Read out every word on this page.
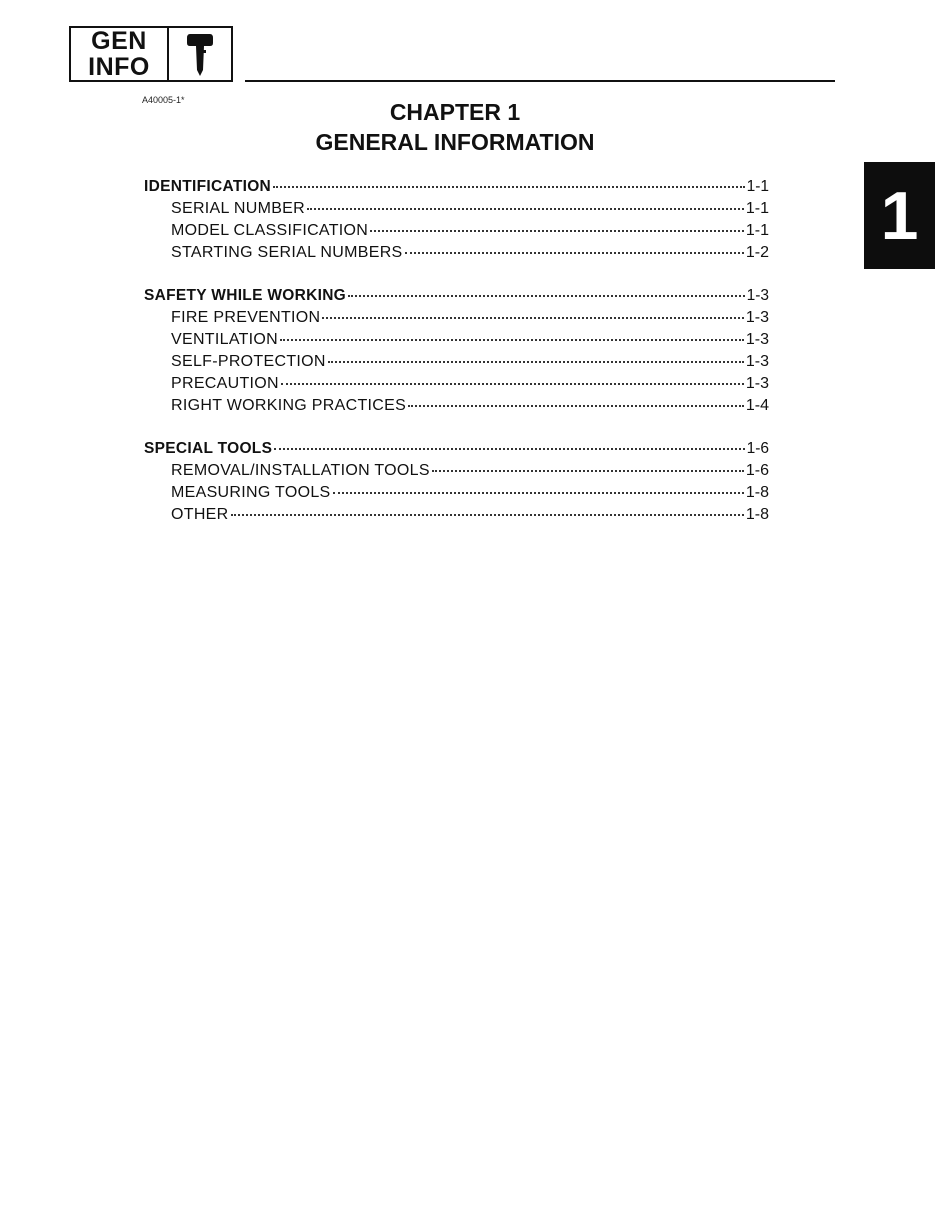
GEN
INFO
A40005-1*	CHAPTER 1
GENERAL INFORMATION
1
IDENTIFICATION	1-1
SERIAL NUMBER	1-1
MODEL CLASSIFICATION	1-1
STARTING SERIAL NUMBERS	1-2
SAFETY WHILE WORKING	1-3
FIRE PREVENTION	1-3
VENTILATION	1-3
SELF-PROTECTION	1-3
PRECAUTION	1-3
RIGHT WORKING PRACTICES	1-4
SPECIAL TOOLS	1-6
REMOVAL/INSTALLATION TOOLS	1-6
MEASURING TOOLS	1-8
OTHER	1-8
